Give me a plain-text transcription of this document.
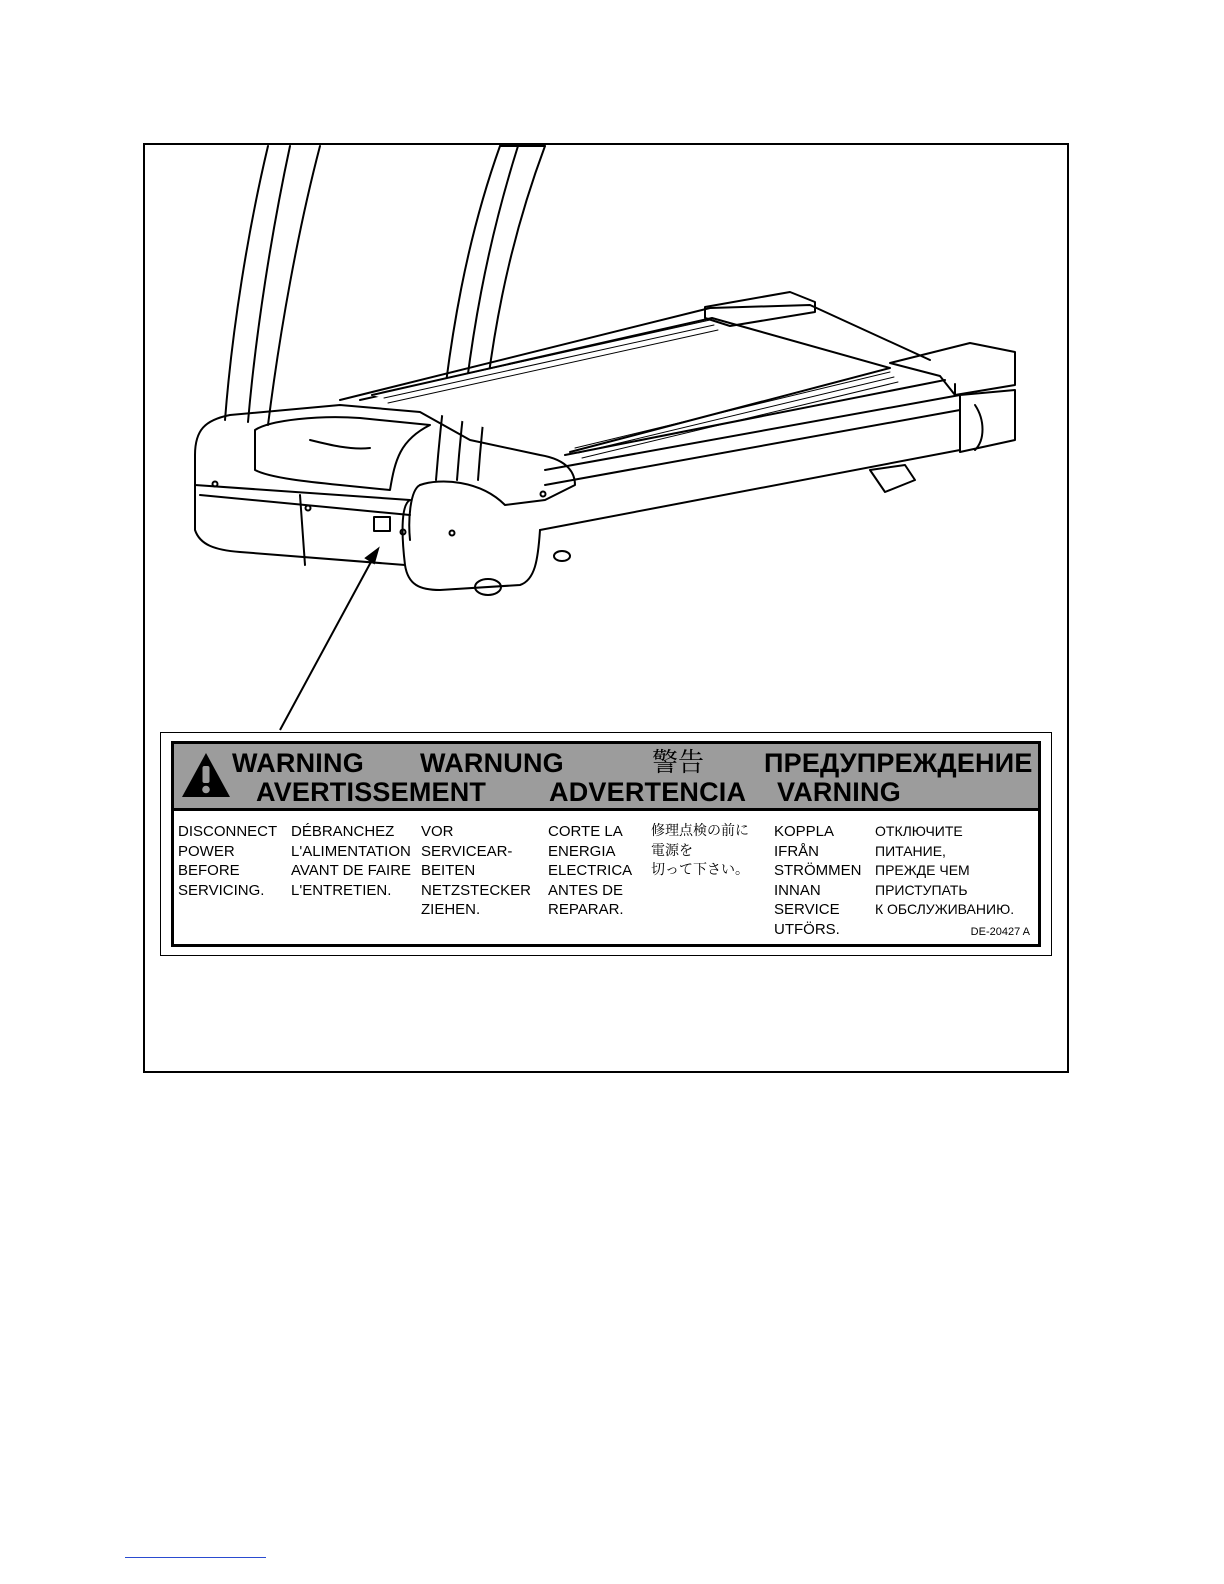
WARNING WARNUNG	警告 ПРЕДУПРЕЖДЕНИЕ
AVERTISSEMENT ADVERTENCIA VARNING
DISCONNECT
POWER
BEFORE
SERVICING.
DÉBRANCHEZ
L'ALIMENTATION
AVANT DE FAIRE
L'ENTRETIEN.
VOR
SERVICEAR-
BEITEN
NETZSTECKER
ZIEHEN.
CORTE LA
ENERGIA
ELECTRICA
ANTES DE
REPARAR.
修理点検の前に
電源を
切って下さい。
KOPPLA
IFRÅN
STRÖMMEN
INNAN
SERVICE
UTFÖRS.
ОТКЛЮЧИТЕ
ПИТАНИЕ,
ПРЕЖДЕ ЧЕМ
ПРИСТУПАТЬ
К ОБСЛУЖИВАНИЮ.
DE-20427 A
